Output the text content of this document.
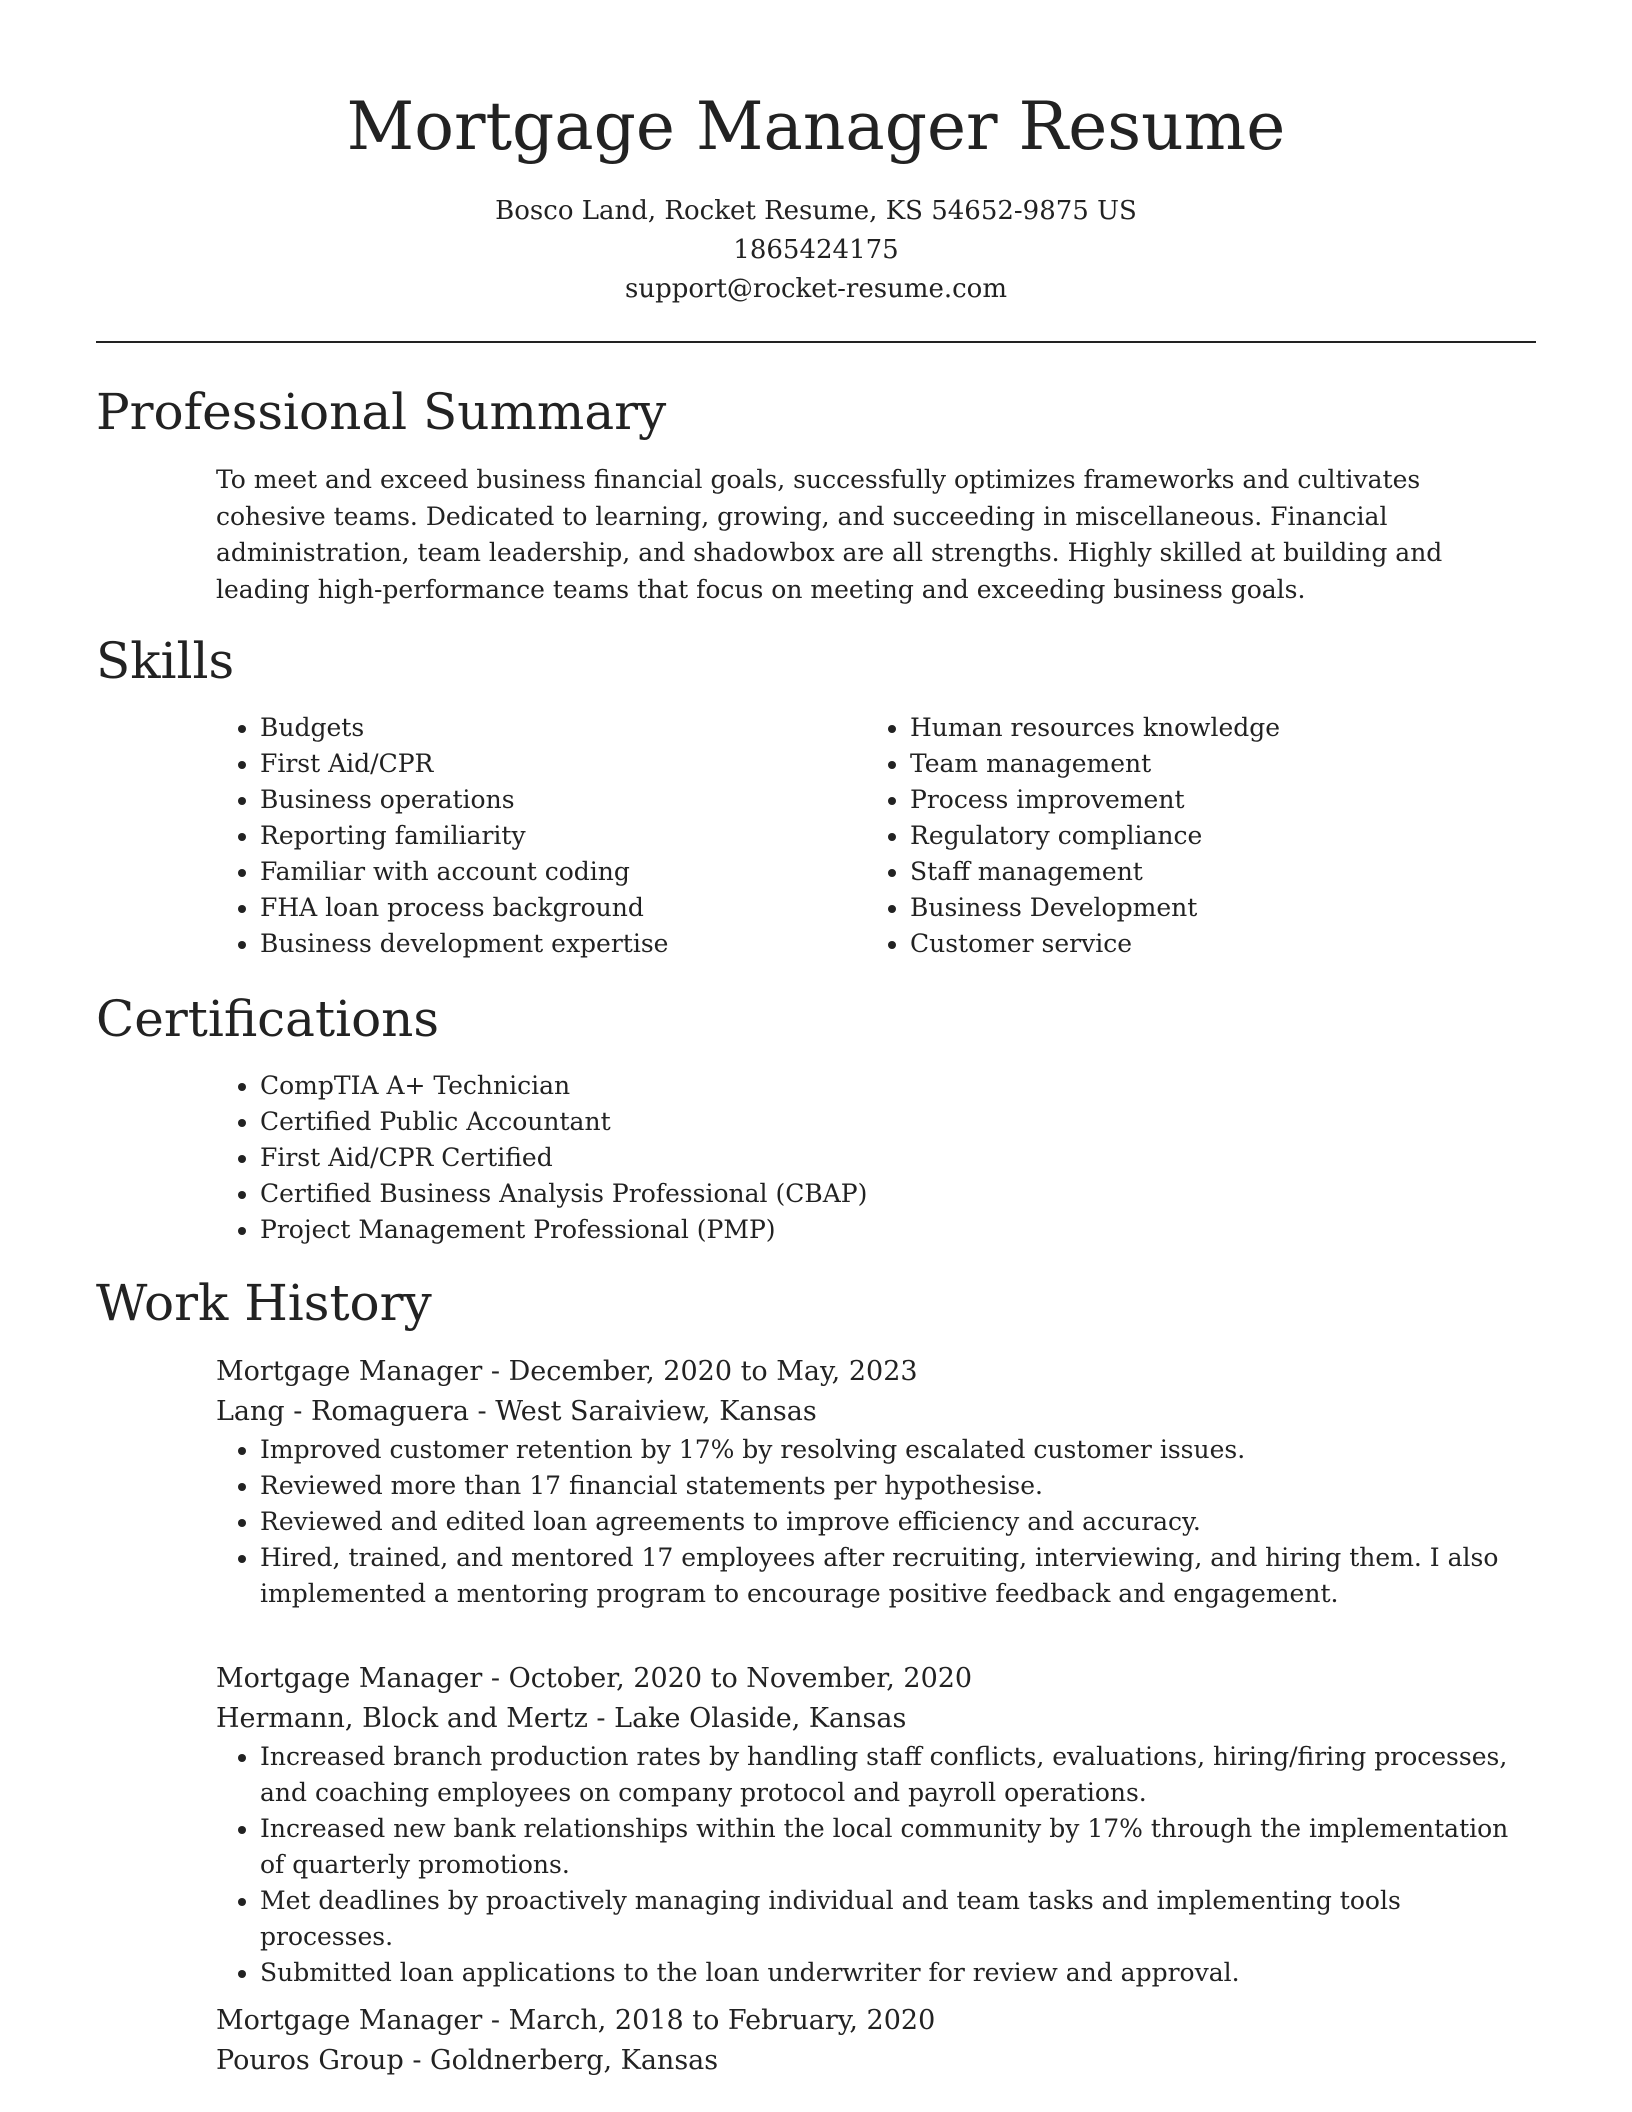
Mortgage Manager Resume
Bosco Land, Rocket Resume, KS 54652-9875 US
1865424175
support@rocket-resume.com
Professional Summary

To meet and exceed business financial goals, successfully optimizes frameworks and cultivates cohesive teams. Dedicated to learning, growing, and succeeding in miscellaneous. Financial administration, team leadership, and shadowbox are all strengths. Highly skilled at building and leading high-performance teams that focus on meeting and exceeding business goals.

Skills
• Budgets
• First Aid/CPR
• Business operations
• Reporting familiarity
• Familiar with account coding
• FHA loan process background
• Business development expertise
• Human resources knowledge
• Team management
• Process improvement
• Regulatory compliance
• Staff management
• Business Development
• Customer service
Certifications
• CompTIA A+ Technician
• Certified Public Accountant
• First Aid/CPR Certified
• Certified Business Analysis Professional (CBAP)
• Project Management Professional (PMP)
Work History

Mortgage Manager - December, 2020 to May, 2023

Lang - Romaguera - West Saraiview, Kansas

• Improved customer retention by 17% by resolving escalated customer issues.
• Reviewed more than 17 financial statements per hypothesise.
• Reviewed and edited loan agreements to improve efficiency and accuracy.
• Hired, trained, and mentored 17 employees after recruiting, interviewing, and hiring them. I also implemented a mentoring program to encourage positive feedback and engagement.

Mortgage Manager - October, 2020 to November, 2020

Hermann, Block and Mertz - Lake Olaside, Kansas

• Increased branch production rates by handling staff conflicts, evaluations, hiring/firing processes, and coaching employees on company protocol and payroll operations.
• Increased new bank relationships within the local community by 17% through the implementation of quarterly promotions.
• Met deadlines by proactively managing individual and team tasks and implementing tools processes.
• Submitted loan applications to the loan underwriter for review and approval.

Mortgage Manager - March, 2018 to February, 2020

Pouros Group - Goldnerberg, Kansas
